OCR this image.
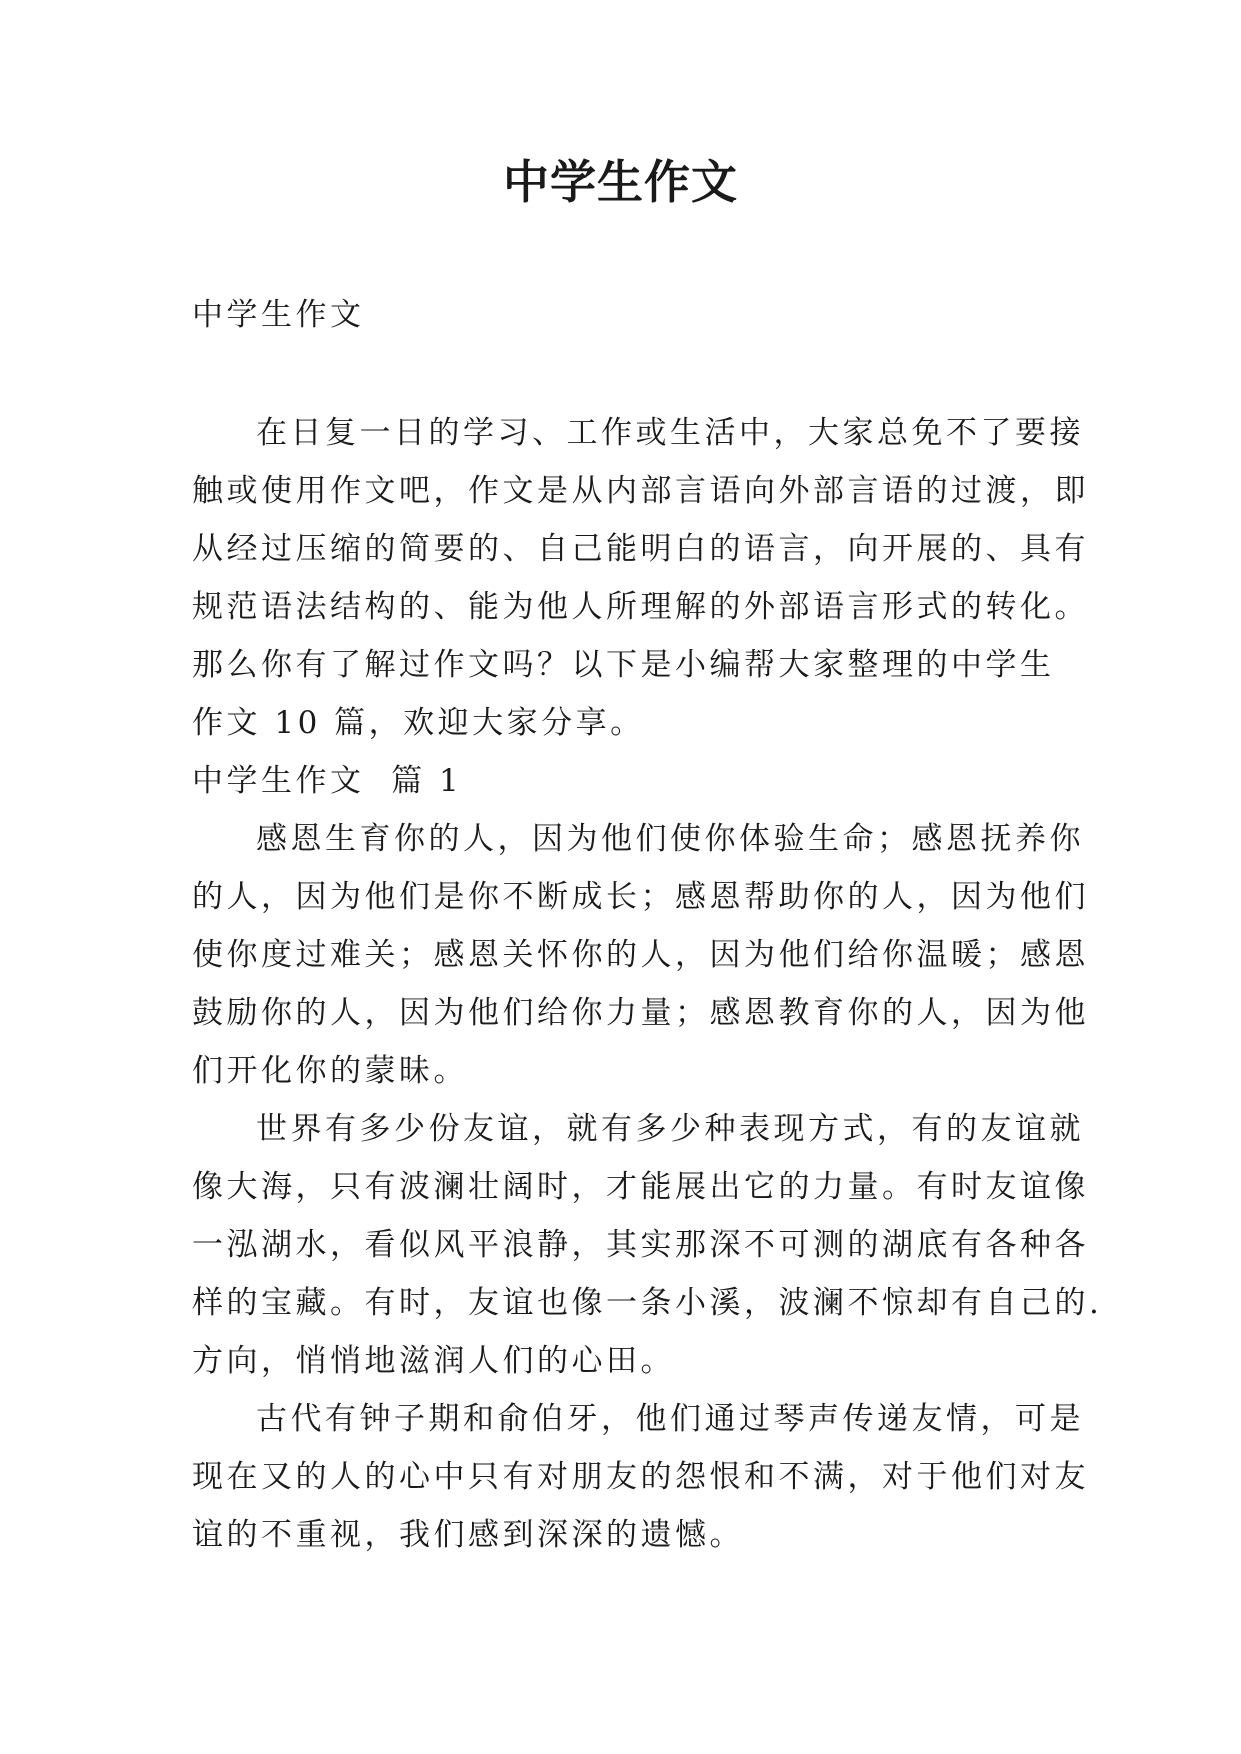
中学生作文
中学生作文
在日复一日的学习、工作或生活中，大家总免不了要接
触或使用作文吧，作文是从内部言语向外部言语的过渡，即
从经过压缩的简要的、自己能明白的语言，向开展的、具有
规范语法结构的、能为他人所理解的外部语言形式的转化。
那么你有了解过作文吗？以下是小编帮大家整理的中学生
作文 10 篇，欢迎大家分享。
中学生作文  篇 1
感恩生育你的人，因为他们使你体验生命；感恩抚养你
的人，因为他们是你不断成长；感恩帮助你的人，因为他们
使你度过难关；感恩关怀你的人，因为他们给你温暖；感恩
鼓励你的人，因为他们给你力量；感恩教育你的人，因为他
们开化你的蒙昧。
世界有多少份友谊，就有多少种表现方式，有的友谊就
像大海，只有波澜壮阔时，才能展出它的力量。有时友谊像
一泓湖水，看似风平浪静，其实那深不可测的湖底有各种各
样的宝藏。有时，友谊也像一条小溪，波澜不惊却有自己的.
方向，悄悄地滋润人们的心田。
古代有钟子期和俞伯牙，他们通过琴声传递友情，可是
现在又的人的心中只有对朋友的怨恨和不满，对于他们对友
谊的不重视，我们感到深深的遗憾。
